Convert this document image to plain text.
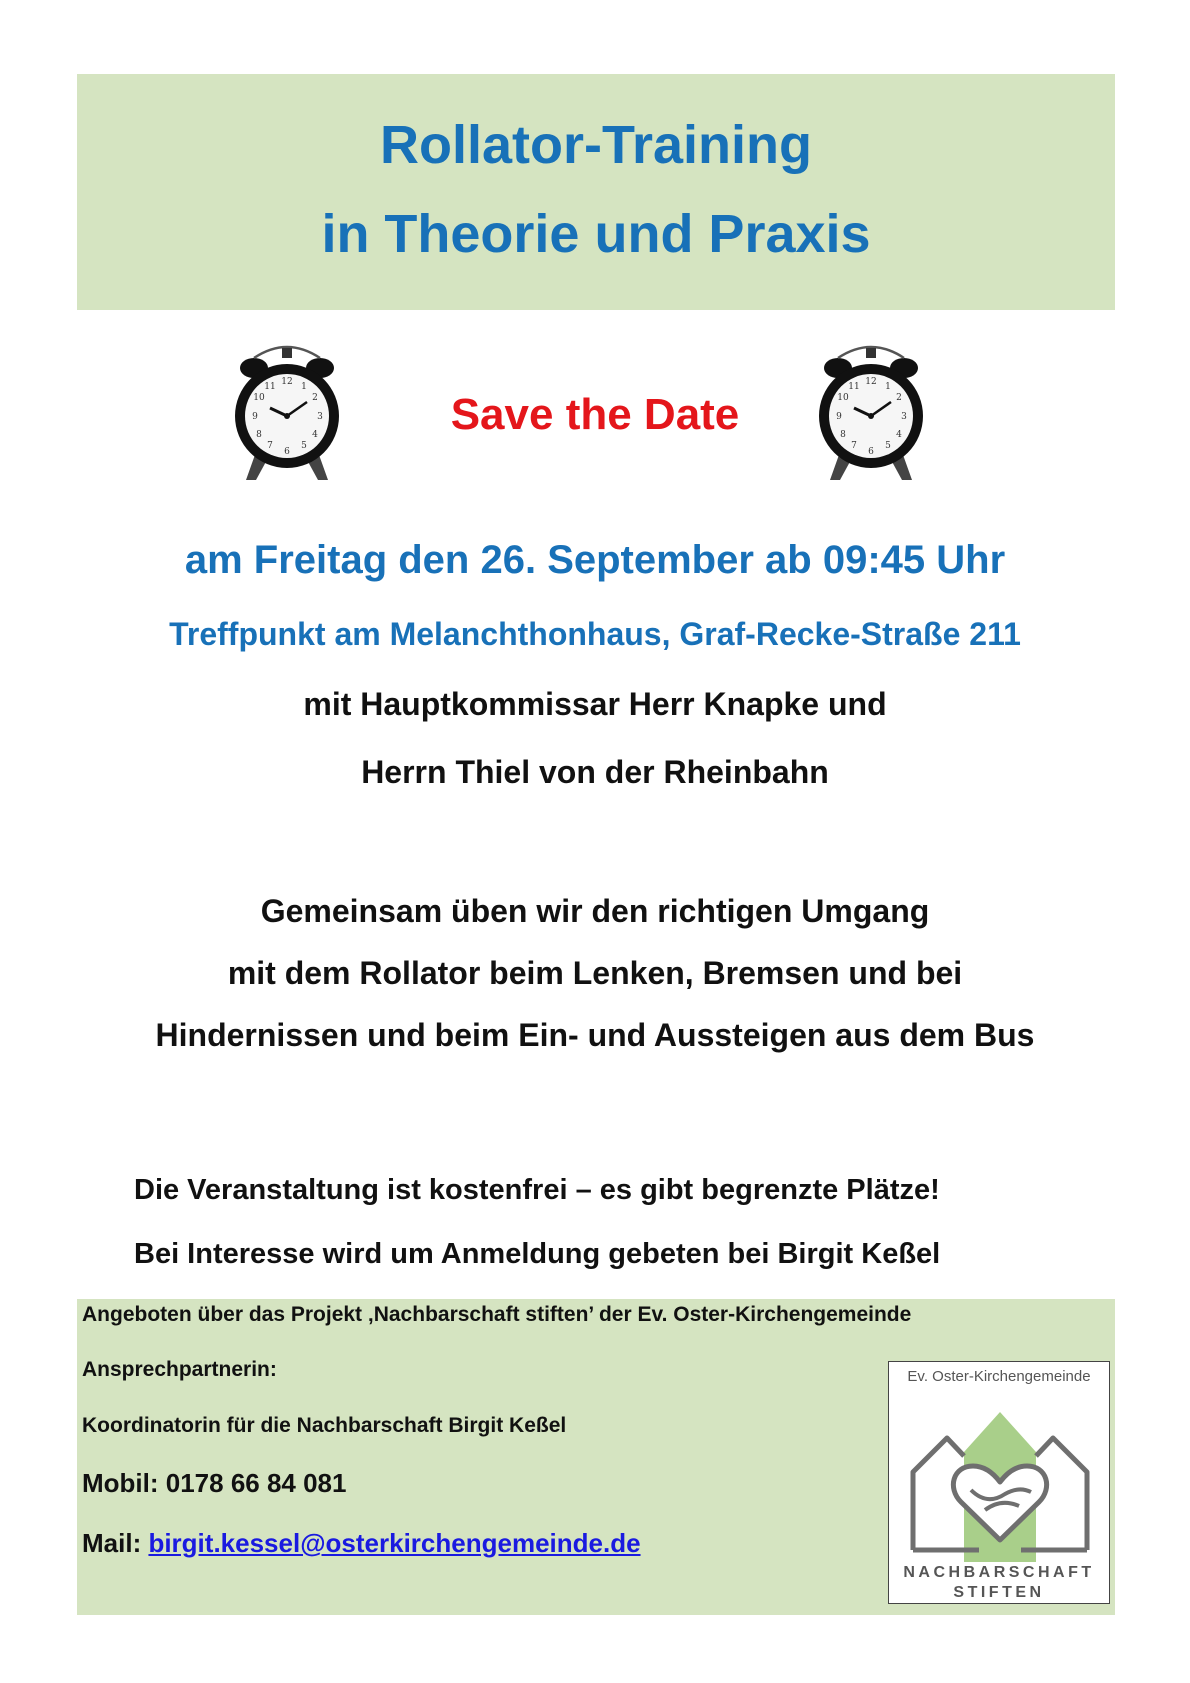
Rollator-Training
in Theorie und Praxis
12 1
2
3
4
5
6
7
8
9
10
11
Save the Date
12 1
2
3
4
5
6
7
8
9
10
11
am Freitag den 26. September ab 09:45 Uhr
Treffpunkt am Melanchthonhaus, Graf-Recke-Straße 211
mit Hauptkommissar Herr Knapke und
Herrn Thiel von der Rheinbahn
Gemeinsam üben wir den richtigen Umgang
mit dem Rollator beim Lenken, Bremsen und bei
Hindernissen und beim Ein- und Aussteigen aus dem Bus
Die Veranstaltung ist kostenfrei – es gibt begrenzte Plätze!
Bei Interesse wird um Anmeldung gebeten bei Birgit Keßel
Angeboten über das Projekt ‚Nachbarschaft stiften’ der Ev. Oster-Kirchengemeinde
Ansprechpartnerin:
Koordinatorin für die Nachbarschaft Birgit Keßel
Mobil: 0178 66 84 081
Mail: birgit.kessel@osterkirchengemeinde.de
Ev. Oster-Kirchengemeinde
NACHBARSCHAFT
STIFTEN
